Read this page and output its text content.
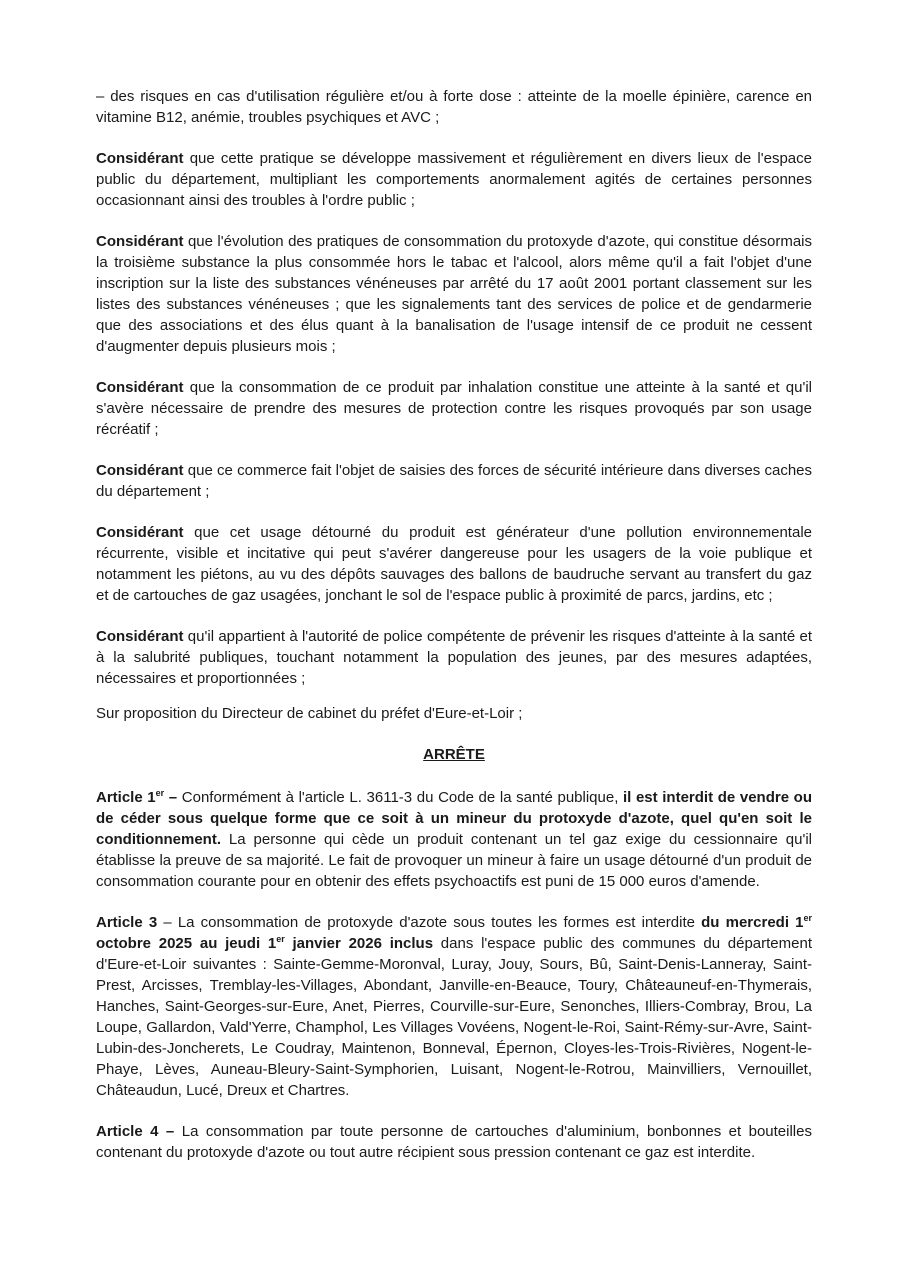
– des risques en cas d'utilisation régulière et/ou à forte dose : atteinte de la moelle épinière, carence en vitamine B12, anémie, troubles psychiques et AVC ;

Considérant que cette pratique se développe massivement et régulièrement en divers lieux de l'espace public du département, multipliant les comportements anormalement agités de certaines personnes occasionnant ainsi des troubles à l'ordre public ;

Considérant que l'évolution des pratiques de consommation du protoxyde d'azote, qui constitue désormais la troisième substance la plus consommée hors le tabac et l'alcool, alors même qu'il a fait l'objet d'une inscription sur la liste des substances vénéneuses par arrêté du 17 août 2001 portant classement sur les listes des substances vénéneuses ; que les signalements tant des services de police et de gendarmerie que des associations et des élus quant à la banalisation de l'usage intensif de ce produit ne cessent d'augmenter depuis plusieurs mois ;

Considérant que la consommation de ce produit par inhalation constitue une atteinte à la santé et qu'il s'avère nécessaire de prendre des mesures de protection contre les risques provoqués par son usage récréatif ;

Considérant que ce commerce fait l'objet de saisies des forces de sécurité intérieure dans diverses caches du département ;

Considérant que cet usage détourné du produit est générateur d'une pollution environnementale récurrente, visible et incitative qui peut s'avérer dangereuse pour les usagers de la voie publique et notamment les piétons, au vu des dépôts sauvages des ballons de baudruche servant au transfert du gaz et de cartouches de gaz usagées, jonchant le sol de l'espace public à proximité de parcs, jardins, etc ;

Considérant qu'il appartient à l'autorité de police compétente de prévenir les risques d'atteinte à la santé et à la salubrité publiques, touchant notamment la population des jeunes, par des mesures adaptées, nécessaires et proportionnées ;

Sur proposition du Directeur de cabinet du préfet d'Eure-et-Loir ;

ARRÊTE

Article 1er – Conformément à l'article L. 3611-3 du Code de la santé publique, il est interdit de vendre ou de céder sous quelque forme que ce soit à un mineur du protoxyde d'azote, quel qu'en soit le conditionnement. La personne qui cède un produit contenant un tel gaz exige du cessionnaire qu'il établisse la preuve de sa majorité. Le fait de provoquer un mineur à faire un usage détourné d'un produit de consommation courante pour en obtenir des effets psychoactifs est puni de 15 000 euros d'amende.

Article 3 – La consommation de protoxyde d'azote sous toutes les formes est interdite du mercredi 1er octobre 2025 au jeudi 1er janvier 2026 inclus dans l'espace public des communes du département d'Eure-et-Loir suivantes : Sainte-Gemme-Moronval, Luray, Jouy, Sours, Bû, Saint-Denis-Lanneray, Saint-Prest, Arcisses, Tremblay-les-Villages, Abondant, Janville-en-Beauce, Toury, Châteauneuf-en-Thymerais, Hanches, Saint-Georges-sur-Eure, Anet, Pierres, Courville-sur-Eure, Senonches, Illiers-Combray, Brou, La Loupe, Gallardon, Vald'Yerre, Champhol, Les Villages Vovéens, Nogent-le-Roi, Saint-Rémy-sur-Avre, Saint-Lubin-des-Joncherets, Le Coudray, Maintenon, Bonneval, Épernon, Cloyes-les-Trois-Rivières, Nogent-le-Phaye, Lèves, Auneau-Bleury-Saint-Symphorien, Luisant, Nogent-le-Rotrou, Mainvilliers, Vernouillet, Châteaudun, Lucé, Dreux et Chartres.

Article 4 – La consommation par toute personne de cartouches d'aluminium, bonbonnes et bouteilles contenant du protoxyde d'azote ou tout autre récipient sous pression contenant ce gaz est interdite.
